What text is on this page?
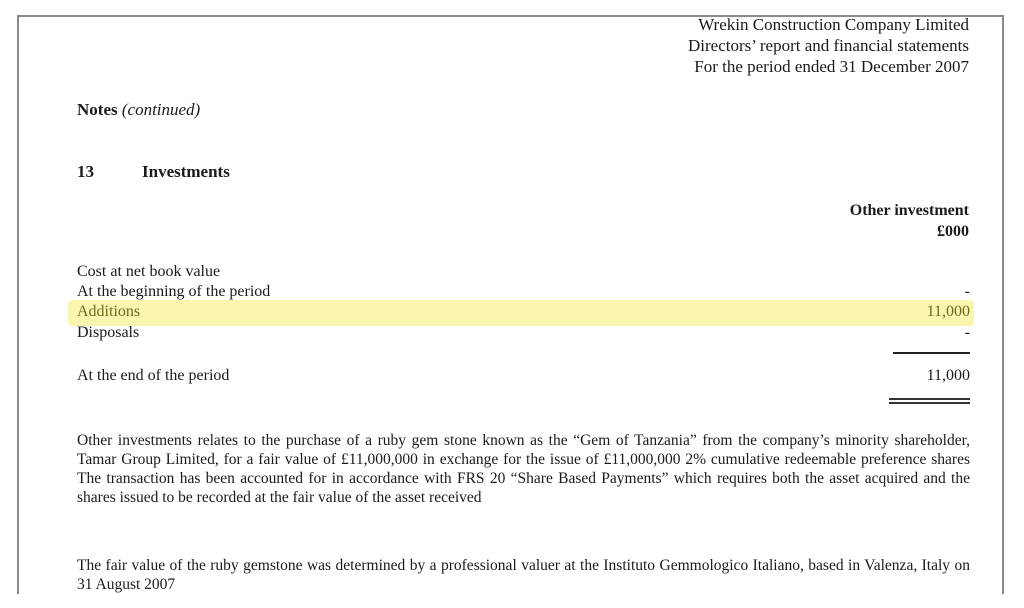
Wrekin Construction Company Limited
Directors’ report and financial statements
For the period ended 31 December 2007
Notes (continued)
13	Investments
Other investment
£000
Cost at net book value
At the beginning of the period	-
Additions	11,000
Disposals	-
At the end of the period	11,000
Other investments relates to the purchase of a ruby gem stone known as the “Gem of Tanzania” from the company’s minority shareholder, Tamar Group Limited, for a fair value of £11,000,000 in exchange for the issue of £11,000,000 2% cumulative redeemable preference shares The transaction has been accounted for in accordance with FRS 20 “Share Based Payments” which requires both the asset acquired and the shares issued to be recorded at the fair value of the asset received
The fair value of the ruby gemstone was determined by a professional valuer at the Instituto Gemmologico Italiano, based in Valenza, Italy on 31 August 2007
